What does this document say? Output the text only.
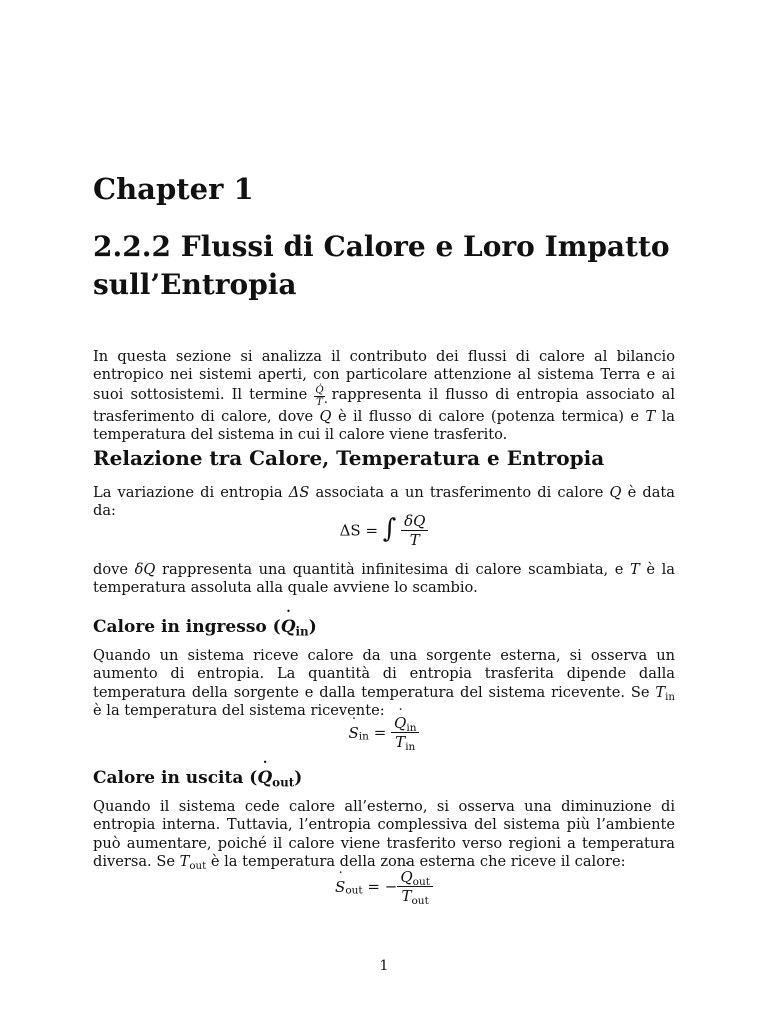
Chapter 1
2.2.2 Flussi di Calore e Loro Impatto sull’Entropia

In questa sezione si analizza il contributo dei flussi di calore al bilancio entropico nei sistemi aperti, con particolare attenzione al sistema Terra e ai suoi sottosistemi. Il termine $\frac{Q̇}{T}$ rappresenta il flusso di entropia associato al trasferimento di calore, dove ˙ Q è il flusso di calore (potenza termica) e T la temperatura del sistema in cui il calore viene trasferito.

Relazione tra Calore, Temperatura e Entropia

La variazione di entropia ΔS associata a un trasferimento di calore Q è data da:

ΔS = ∫ $\frac{\delta Q}{T}$

dove δQ rappresenta una quantità infinitesima di calore scambiata, e T è la temperatura assoluta alla quale avviene lo scambio.

Calore in ingresso (˙ $Q_{in}$)

Quando un sistema riceve calore da una sorgente esterna, si osserva un aumento di entropia. La quantità di entropia trasferita dipende dalla temperatura della sorgente e dalla temperatura del sistema ricevente. Se $T_{in}$ è la temperatura del sistema ricevente:

˙ $S_{in}$ = ˙ $\frac{Q_{in}}{T_{in}}$
Calore in uscita (˙ $Q_{out}$)

Quando il sistema cede calore all’esterno, si osserva una diminuzione di entropia interna. Tuttavia, l’entropia complessiva del sistema più l’ambiente può aumentare, poiché il calore viene trasferito verso regioni a temperatura diversa. Se $T_{out}$ è la temperatura della zona esterna che riceve il calore:

˙ $S_{out}$ = − ˙ $\frac{Q_{out}}{T_{out}}$
1
